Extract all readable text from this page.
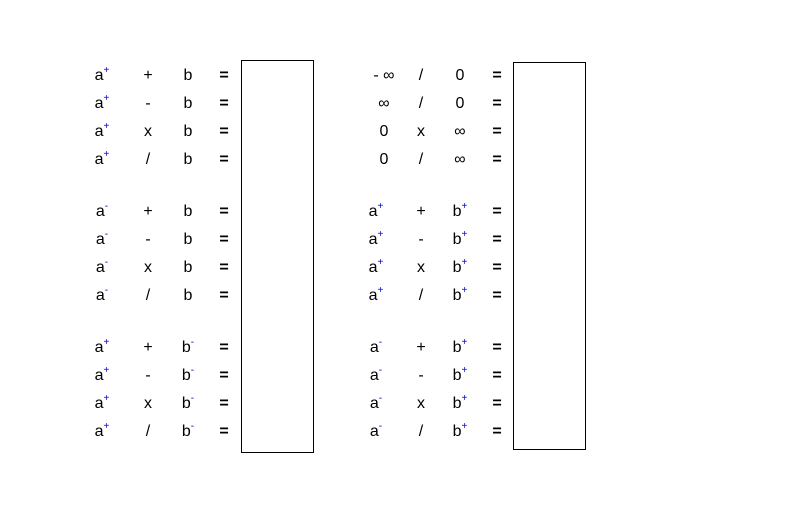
a+	+	b	=
a+	-	b	=
a+	x	b	=
a+	/	b	=
a-	+	b	=
a-	-	b	=
a-	x	b	=
a-	/	b	=
a+	+	b-	=
a+	-	b-	=
a+	x	b-	=
a+	/	b-	=
- ∞	/	0	=
∞	/	0	=
0	x	∞	=
0	/	∞	=
a+	+	b+	=
a+	-	b+	=
a+	x	b+	=
a+	/	b+	=
a-	+	b+	=
a-	-	b+	=
a-	x	b+	=
a-	/	b+	=
